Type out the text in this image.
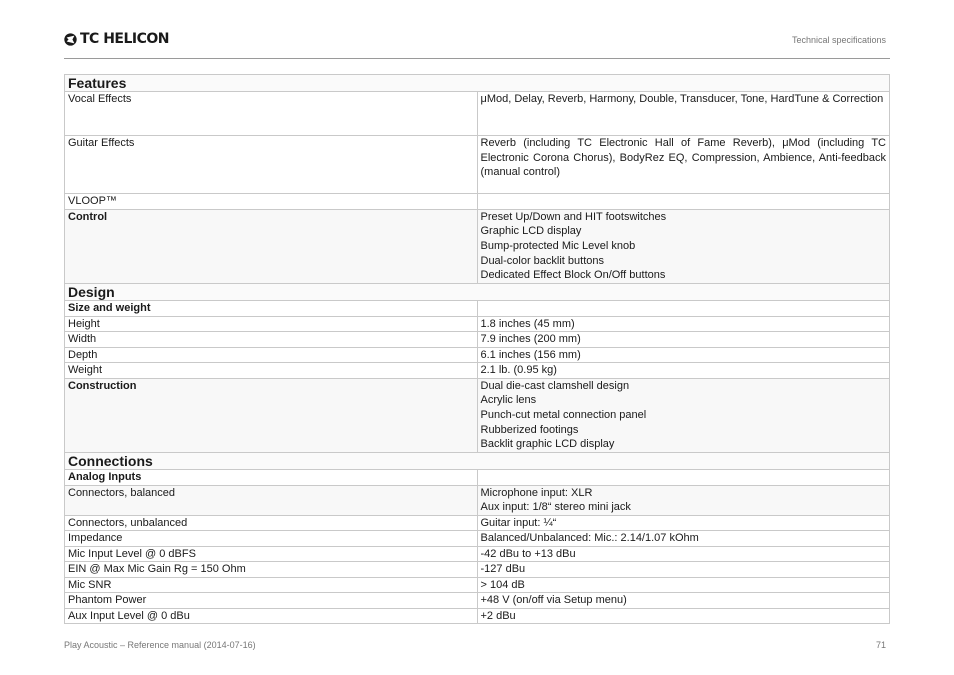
TC HELICON	Technical specifications
Features	
Vocal Effects	μMod, Delay, Reverb, Harmony, Double, Transducer, Tone, HardTune & Correction
Guitar Effects	Reverb (including TC Electronic Hall of Fame Reverb), μMod (including TC Electronic Corona Chorus), BodyRez EQ, Compression, Ambience, Anti-feedback (manual control)
VLOOP™	
Control	Preset Up/Down and HIT footswitches
Graphic LCD display
Bump-protected Mic Level knob
Dual-color backlit buttons
Dedicated Effect Block On/Off buttons

Design	
Size and weight	
Height	1.8 inches (45 mm)
Width	7.9 inches (200 mm)
Depth	6.1 inches (156 mm)
Weight	2.1 lb. (0.95 kg)
Construction	Dual die-cast clamshell design
Acrylic lens
Punch-cut metal connection panel
Rubberized footings
Backlit graphic LCD display

Connections	
Analog Inputs	
Connectors, balanced	Microphone input: XLR
Aux input: 1/8“ stereo mini jack

Connectors, unbalanced	Guitar input: ¼“
Impedance	Balanced/Unbalanced: Mic.: 2.14/1.07 kOhm
Mic Input Level @ 0 dBFS	-42 dBu to +13 dBu
EIN @ Max Mic Gain Rg = 150 Ohm	-127 dBu
Mic SNR	> 104 dB
Phantom Power	+48 V (on/off via Setup menu)
Aux Input Level @ 0 dBu	+2 dBu
Play Acoustic – Reference manual (2014-07-16)	71
